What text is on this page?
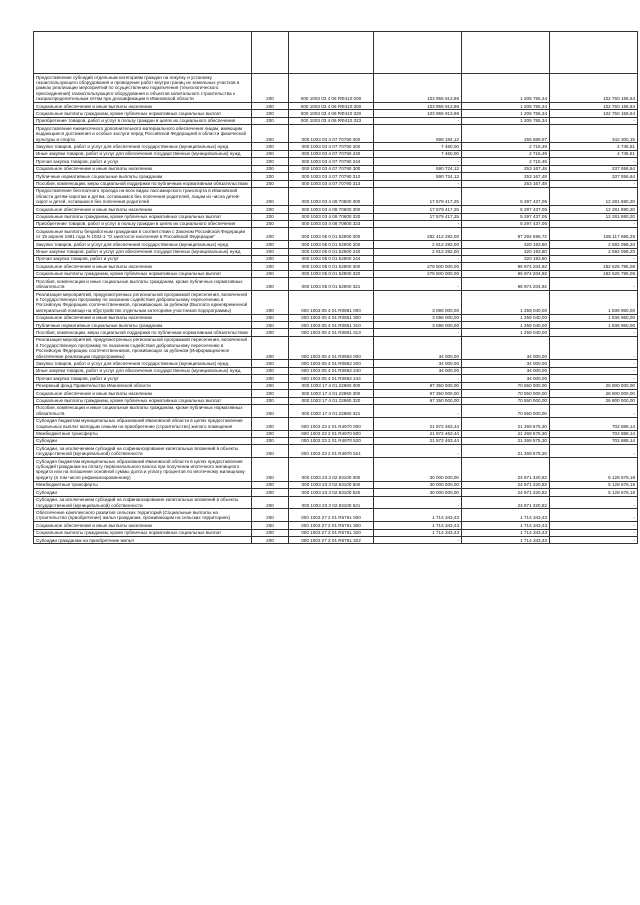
Предоставление субсидий отдельным категориям граждан на покупку и установку газоиспользующего оборудования и проведение работ внутри границ их земельных участков в рамках реализации мероприятий по осуществлению подключения (технологического присоединения) газоиспользующего оборудования и объектов капитального строительства к газораспределительным сетям при догазификации в Ивановской области	200	000 1003 03 4 06 RФ410 000	103 955 913,98	1 205 755,34	102 750 158,64
Социальное обеспечение и иные выплаты населению	200	000 1003 03 4 06 RФ410 300	103 955 913,98	1 205 755,34	102 750 158,64
Социальные выплаты гражданам, кроме публичных нормативных социальных выплат	200	000 1003 03 4 06 RФ410 320	103 955 913,98	1 205 755,34	102 750 158,64
Приобретение товаров, работ и услуг в пользу граждан в целях их социального обеспечения	200	000 1003 03 4 06 RФ410 323	-	1 205 755,34	-
Предоставление ежемесячного дополнительного материального обеспечения лицам, имеющим выдающиеся достижения и особые заслуги перед Российской Федерацией в области физической культуры и спорта	200	000 1003 03 4 07 70790 000	598 184,12	255 889,97	342 300,15
Закупка товаров, работ и услуг для обеспечения государственных (муниципальных) нужд	200	000 1003 03 4 07 70790 200	7 460,00	2 715,49	4 745,51
Иные закупки товаров, работ и услуг для обеспечения государственных (муниципальных) нужд	200	000 1003 03 4 07 70790 240	7 460,00	2 715,49	4 745,51
Прочая закупка товаров, работ и услуг	200	000 1003 03 4 07 70790 244	-	2 715,49	-
Социальное обеспечение и иные выплаты населению	200	000 1003 03 4 07 70790 300	590 724,12	253 167,48	337 556,64
Публичные нормативные социальные выплаты гражданам	200	000 1003 03 4 07 70790 310	590 724,12	253 167,48	337 556,64
Пособия, компенсации, меры социальной поддержки по публичным нормативным обязательствам	200	000 1003 03 4 07 70790 313	-	253 167,48	-
Предоставление бесплатного проезда на всех видах пассажирского транспорта в Ивановской области детям-сиротам и детям, оставшимся без попечения родителей, лицам из числа детей-сирот и детей, оставшихся без попечения родителей	200	000 1003 03 4 08 70600 000	17 579 417,25	5 297 437,05	12 281 980,20
Социальное обеспечение и иные выплаты населению	200	000 1003 03 4 08 70600 300	17 579 417,25	5 297 437,05	12 281 980,20
Социальные выплаты гражданам, кроме публичных нормативных социальных выплат	200	000 1003 03 4 08 70600 320	17 579 417,25	5 297 437,05	12 281 980,20
Приобретение товаров, работ и услуг в пользу граждан в целях их социального обеспечения	200	000 1003 03 4 08 70600 323	-	5 297 437,05	-
Социальные выплаты безработным гражданам в соответствии с Законом Российской Федерации от 19 апреля 1991 года N 1032-1 "О занятости населения в Российской Федерации"	200	000 1003 05 0 01 52900 000	282 412 292,00	97 294 596,72	185 117 695,28
Закупка товаров, работ и услуг для обеспечения государственных (муниципальных) нужд	200	000 1003 05 0 01 52900 200	2 912 292,00	320 193,80	2 592 098,20
Иные закупки товаров, работ и услуг для обеспечения государственных (муниципальных) нужд	200	000 1003 05 0 01 52900 240	2 912 292,00	320 193,80	2 592 098,20
Прочая закупка товаров, работ и услуг	200	000 1003 05 0 01 52900 244	-	320 193,80	-
Социальное обеспечение и иные выплаты населению	200	000 1003 05 0 01 52900 300	279 500 000,00	96 974 204,92	182 525 795,08
Социальные выплаты гражданам, кроме публичных нормативных социальных выплат	200	000 1003 05 0 01 52900 320	279 500 000,00	96 974 204,92	182 525 795,08
Пособия, компенсации и иные социальные выплаты гражданам, кроме публичных нормативных обязательств	200	000 1003 05 0 01 52900 321	-	96 974 204,92	-
Реализация мероприятий, предусмотренных региональной программой переселения, включенной в Государственную программу по оказанию содействия добровольному переселению в Российскую Федерацию соотечественников, проживающих за рубежом (Выплата единовременной материальной помощи на обустройство отдельным категориям участников подпрограммы)	200	000 1003 05 4 01 R0861 000	3 096 000,00	1 259 040,00	1 836 960,00
Социальное обеспечение и иные выплаты населению	200	000 1003 05 4 01 R0861 300	3 096 000,00	1 259 040,00	1 836 960,00
Публичные нормативные социальные выплаты гражданам	200	000 1003 05 4 01 R0861 310	3 096 000,00	1 259 040,00	1 836 960,00
Пособия, компенсации, меры социальной поддержки по публичным нормативным обязательствам	200	000 1003 05 4 01 R0861 313	-	1 259 040,00	-
Реализация мероприятий, предусмотренных региональной программой переселения, включенной в Государственную программу по оказанию содействия добровольному переселению в Российскую Федерацию соотечественников, проживающих за рубежом (Информационное обеспечение реализации подпрограммы)	200	000 1003 05 4 01 R0862 000	34 000,00	34 000,00	-
Закупка товаров, работ и услуг для обеспечения государственных (муниципальных) нужд	200	000 1003 05 4 01 R0862 200	34 000,00	34 000,00	-
Иные закупки товаров, работ и услуг для обеспечения государственных (муниципальных) нужд	200	000 1003 05 4 01 R0862 240	34 000,00	34 000,00	-
Прочая закупка товаров, работ и услуг	200	000 1003 05 4 01 R0862 244	-	34 000,00	-
Резервный фонд Правительства Ивановской области	200	000 1003 17 4 01 22960 000	97 350 000,00	70 550 000,00	26 800 000,00
Социальное обеспечение и иные выплаты населению	200	000 1003 17 4 01 22960 300	97 350 000,00	70 550 000,00	26 800 000,00
Социальные выплаты гражданам, кроме публичных нормативных социальных выплат	200	000 1003 17 4 01 22960 320	97 350 000,00	70 550 000,00	26 800 000,00
Пособия, компенсации и иные социальные выплаты гражданам, кроме публичных нормативных обязательств	200	000 1003 17 4 01 22960 321	-	70 550 000,00	-
Субсидия бюджетам муниципальных образований Ивановской области в целях предоставления социальных выплат молодым семьям на приобретение (строительство) жилого помещения	200	000 1003 23 2 01 R4970 000	21 972 463,44	21 269 575,30	702 888,14
Межбюджетные трансферты	200	000 1003 23 2 01 R4970 500	21 972 463,44	21 269 575,30	702 888,14
Субсидии	200	000 1003 23 2 01 R4970 520	21 972 463,44	21 269 575,30	702 888,14
Субсидии, за исключением субсидий на софинансирование капитальных вложений в объекты государственной (муниципальной) собственности	200	000 1003 23 2 01 R4970 521	-	21 269 575,30	-
Субсидия бюджетам муниципальных образований Ивановской области в целях предоставления субсидий гражданам на оплату первоначального взноса при получении ипотечного жилищного кредита или на погашение основной суммы долга и уплату процентов по ипотечному жилищному кредиту (в том числе рефинансированному)	200	000 1003 23 3 02 83100 000	30 000 000,00	24 871 320,82	5 128 679,18
Межбюджетные трансферты	200	000 1003 23 3 02 83100 500	30 000 000,00	24 871 320,82	5 128 679,18
Субсидии	200	000 1003 23 3 02 83100 520	30 000 000,00	24 871 320,82	5 128 679,18
Субсидии, за исключением субсидий на софинансирование капитальных вложений в объекты государственной (муниципальной) собственности	200	000 1003 23 3 02 83100 521	-	24 871 320,82	-
Обеспечение комплексного развития сельских территорий (Социальные выплаты на строительство (приобретение) жилья гражданам, проживающим на сельских территориях)	200	000 1003 27 2 01 R5761 000	1 714 343,43	1 714 343,43	-
Социальное обеспечение и иные выплаты населению	200	000 1003 27 2 01 R5761 300	1 714 343,43	1 714 343,43	-
Социальные выплаты гражданам, кроме публичных нормативных социальных выплат	200	000 1003 27 2 01 R5761 320	1 714 343,43	1 714 343,43	-
Субсидии гражданам на приобретение жилья	200	000 1003 27 2 01 R5761 322	-	1 714 343,43	-
